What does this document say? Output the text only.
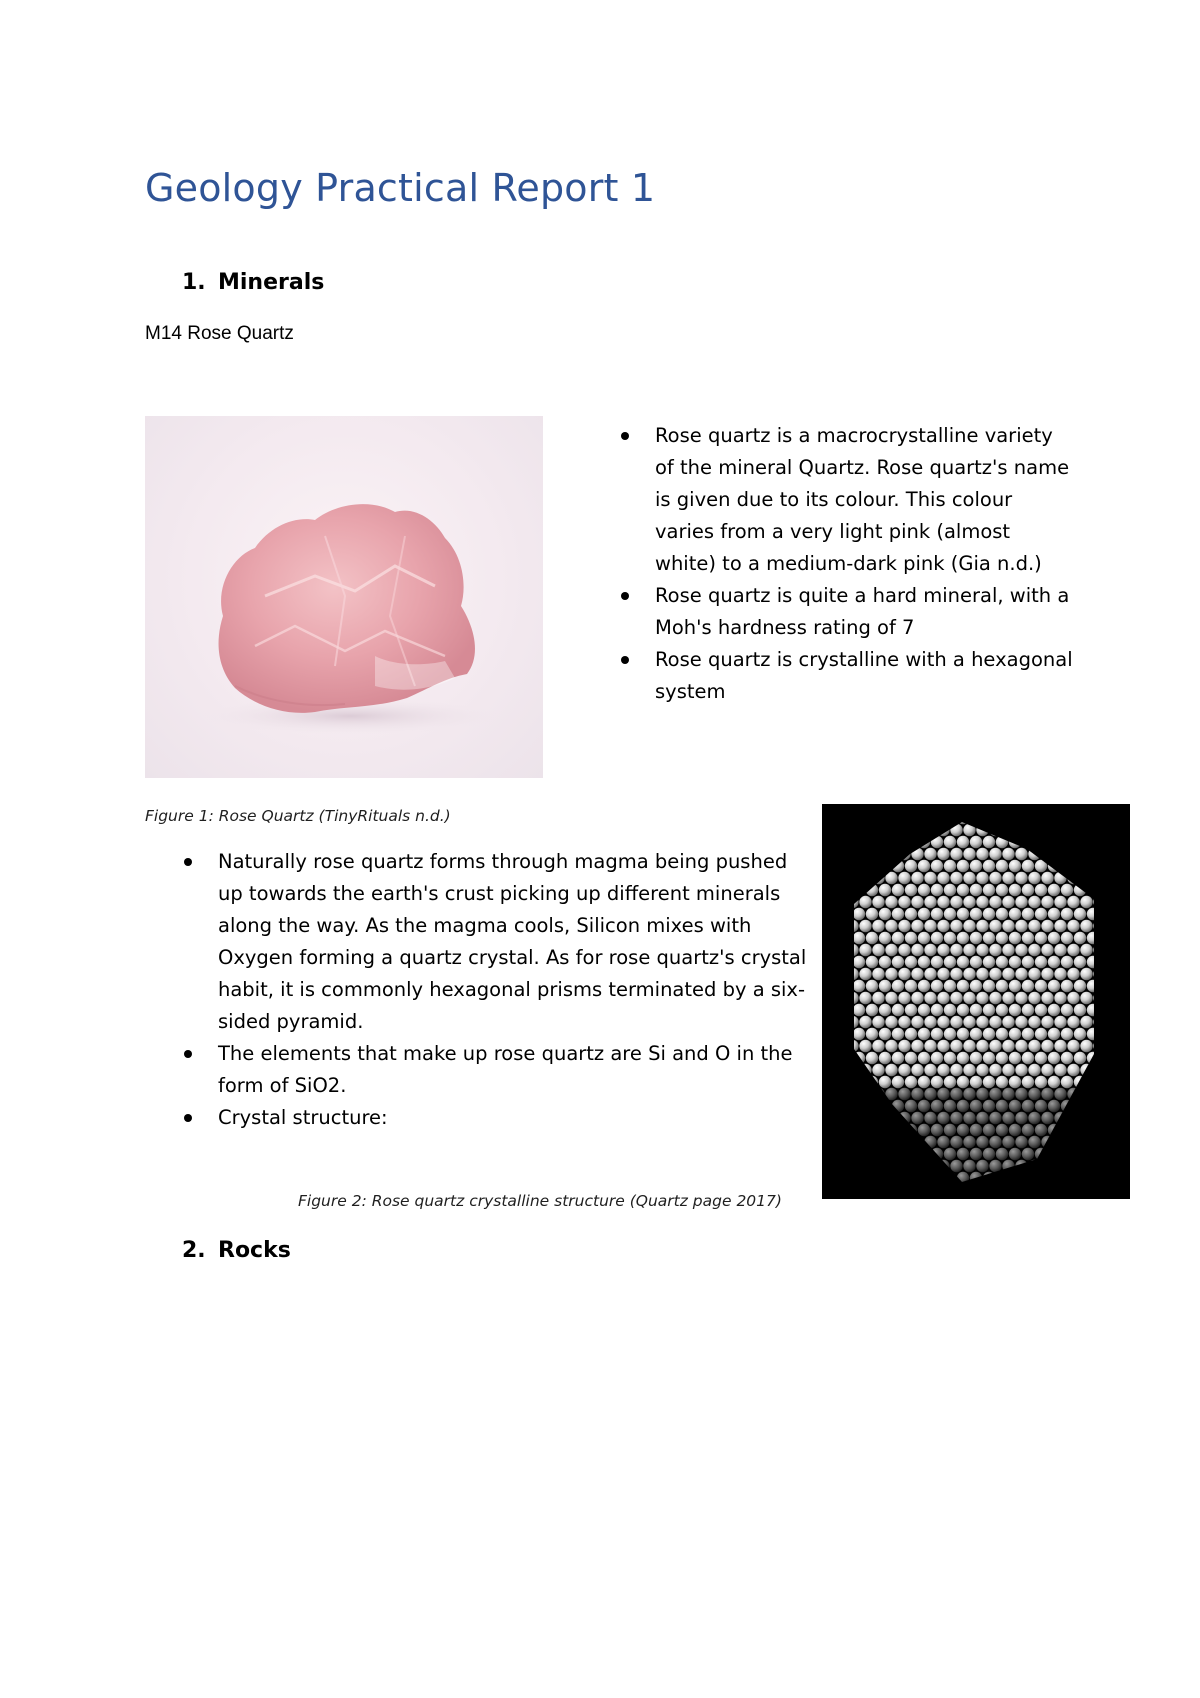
Geology Practical Report 1
1. Minerals
M14 Rose Quartz
Rose quartz is a macrocrystalline variety of the mineral Quartz. Rose quartz's name is given due to its colour. This colour varies from a very light pink (almost white) to a medium-dark pink (Gia n.d.)
Rose quartz is quite a hard mineral, with a Moh's hardness rating of 7
Rose quartz is crystalline with a hexagonal system
Figure 1: Rose Quartz (TinyRituals n.d.)
Naturally rose quartz forms through magma being pushed up towards the earth's crust picking up different minerals along the way. As the magma cools, Silicon mixes with Oxygen forming a quartz crystal. As for rose quartz's crystal habit, it is commonly hexagonal prisms terminated by a six-sided pyramid.
The elements that make up rose quartz are Si and O in the form of SiO2.
Crystal structure:
Figure 2: Rose quartz crystalline structure (Quartz page 2017)
2. Rocks
